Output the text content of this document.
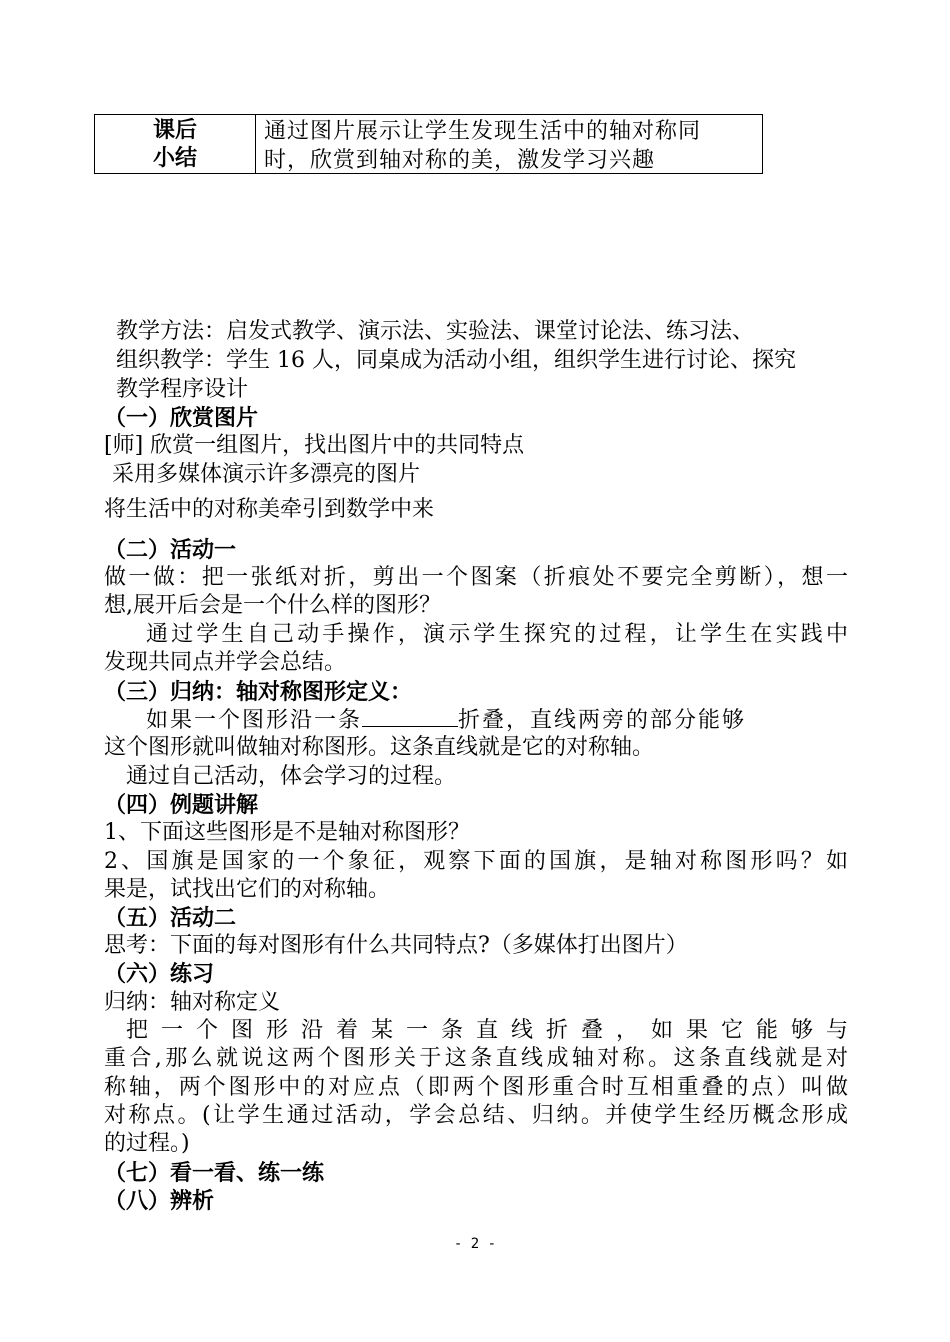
课后
小结
通过图片展示让学生发现生活中的轴对称同
时，欣赏到轴对称的美，激发学习兴趣
教学方法：启发式教学、演示法、实验法、课堂讨论法、练习法、
组织教学：学生 16 人，同桌成为活动小组，组织学生进行讨论、探究
教学程序设计
（一）欣赏图片
[师] 欣赏一组图片，找出图片中的共同特点
采用多媒体演示许多漂亮的图片
将生活中的对称美牵引到数学中来
（二）活动一
做一做：把一张纸对折，剪出一个图案（折痕处不要完全剪断），想一
想,展开后会是一个什么样的图形？
通过学生自己动手操作，演示学生探究的过程，让学生在实践中
发现共同点并学会总结。
（三）归纳：轴对称图形定义：
如果一个图形沿一条	折叠，直线两旁的部分能够
这个图形就叫做轴对称图形。这条直线就是它的对称轴。
通过自己活动，体会学习的过程。
（四）例题讲解
1、下面这些图形是不是轴对称图形？
2、国旗是国家的一个象征，观察下面的国旗，是轴对称图形吗？如
果是，试找出它们的对称轴。
（五）活动二
思考：下面的每对图形有什么共同特点?（多媒体打出图片）
（六）练习
归纳：轴对称定义
把一个图形沿着某一条直线折叠，如果它能够与
重合,那么就说这两个图形关于这条直线成轴对称。这条直线就是对
称轴，两个图形中的对应点（即两个图形重合时互相重叠的点）叫做
对称点。(让学生通过活动，学会总结、归纳。并使学生经历概念形成
的过程。)
（七）看一看、练一练
（八）辨析
- 2 -
